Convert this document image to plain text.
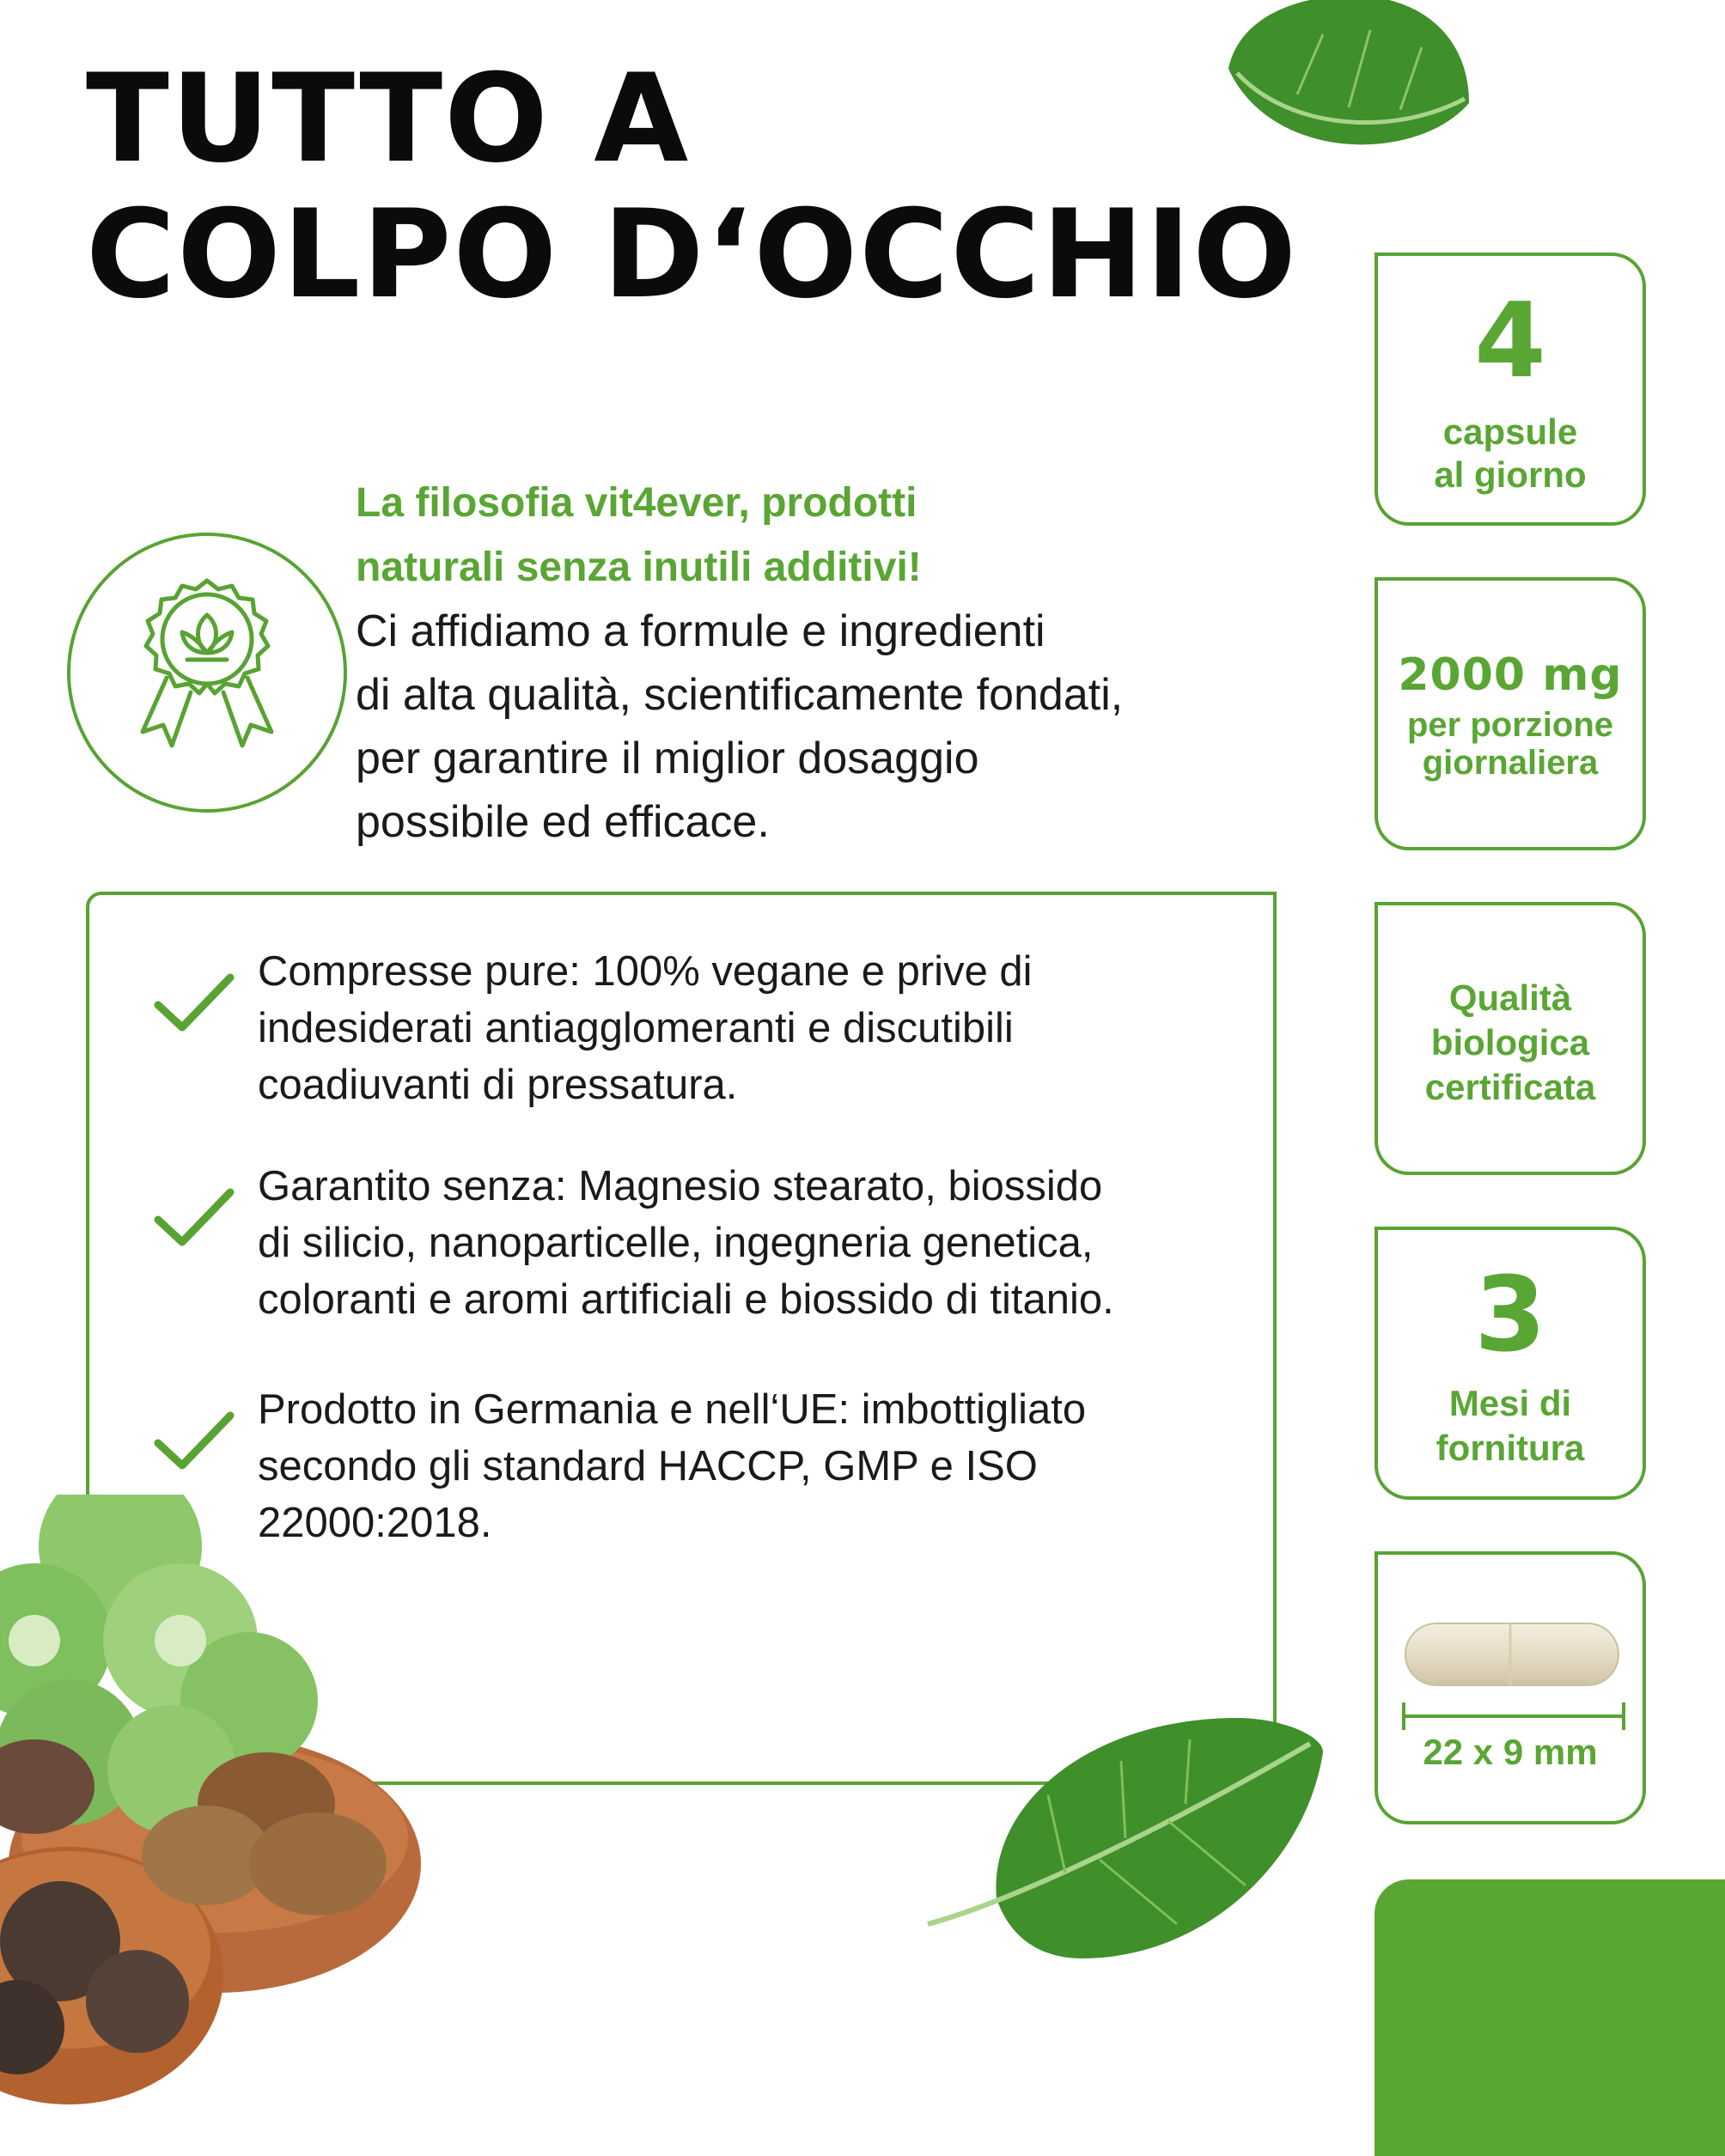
TUTTO A
COLPO D‘OCCHIO

La filosofia vit4ever, prodotti
naturali senza inutili additivi!

Ci affidiamo a formule e ingredienti
di alta qualità, scientificamente fondati,
per garantire il miglior dosaggio
possibile ed efficace.

Compresse pure: 100% vegane e prive di
indesiderati antiagglomeranti e discutibili
coadiuvanti di pressatura.

Garantito senza: Magnesio stearato, biossido
di silicio, nanoparticelle, ingegneria genetica,
coloranti e aromi artificiali e biossido di titanio.

Prodotto in Germania e nell‘UE: imbottigliato
secondo gli standard HACCP, GMP e ISO
22000:2018.

4
capsule
al giorno
2000 mg
per porzione
giornaliera
Qualità
biologica
certificata
3
Mesi di
fornitura
22 x 9 mm
